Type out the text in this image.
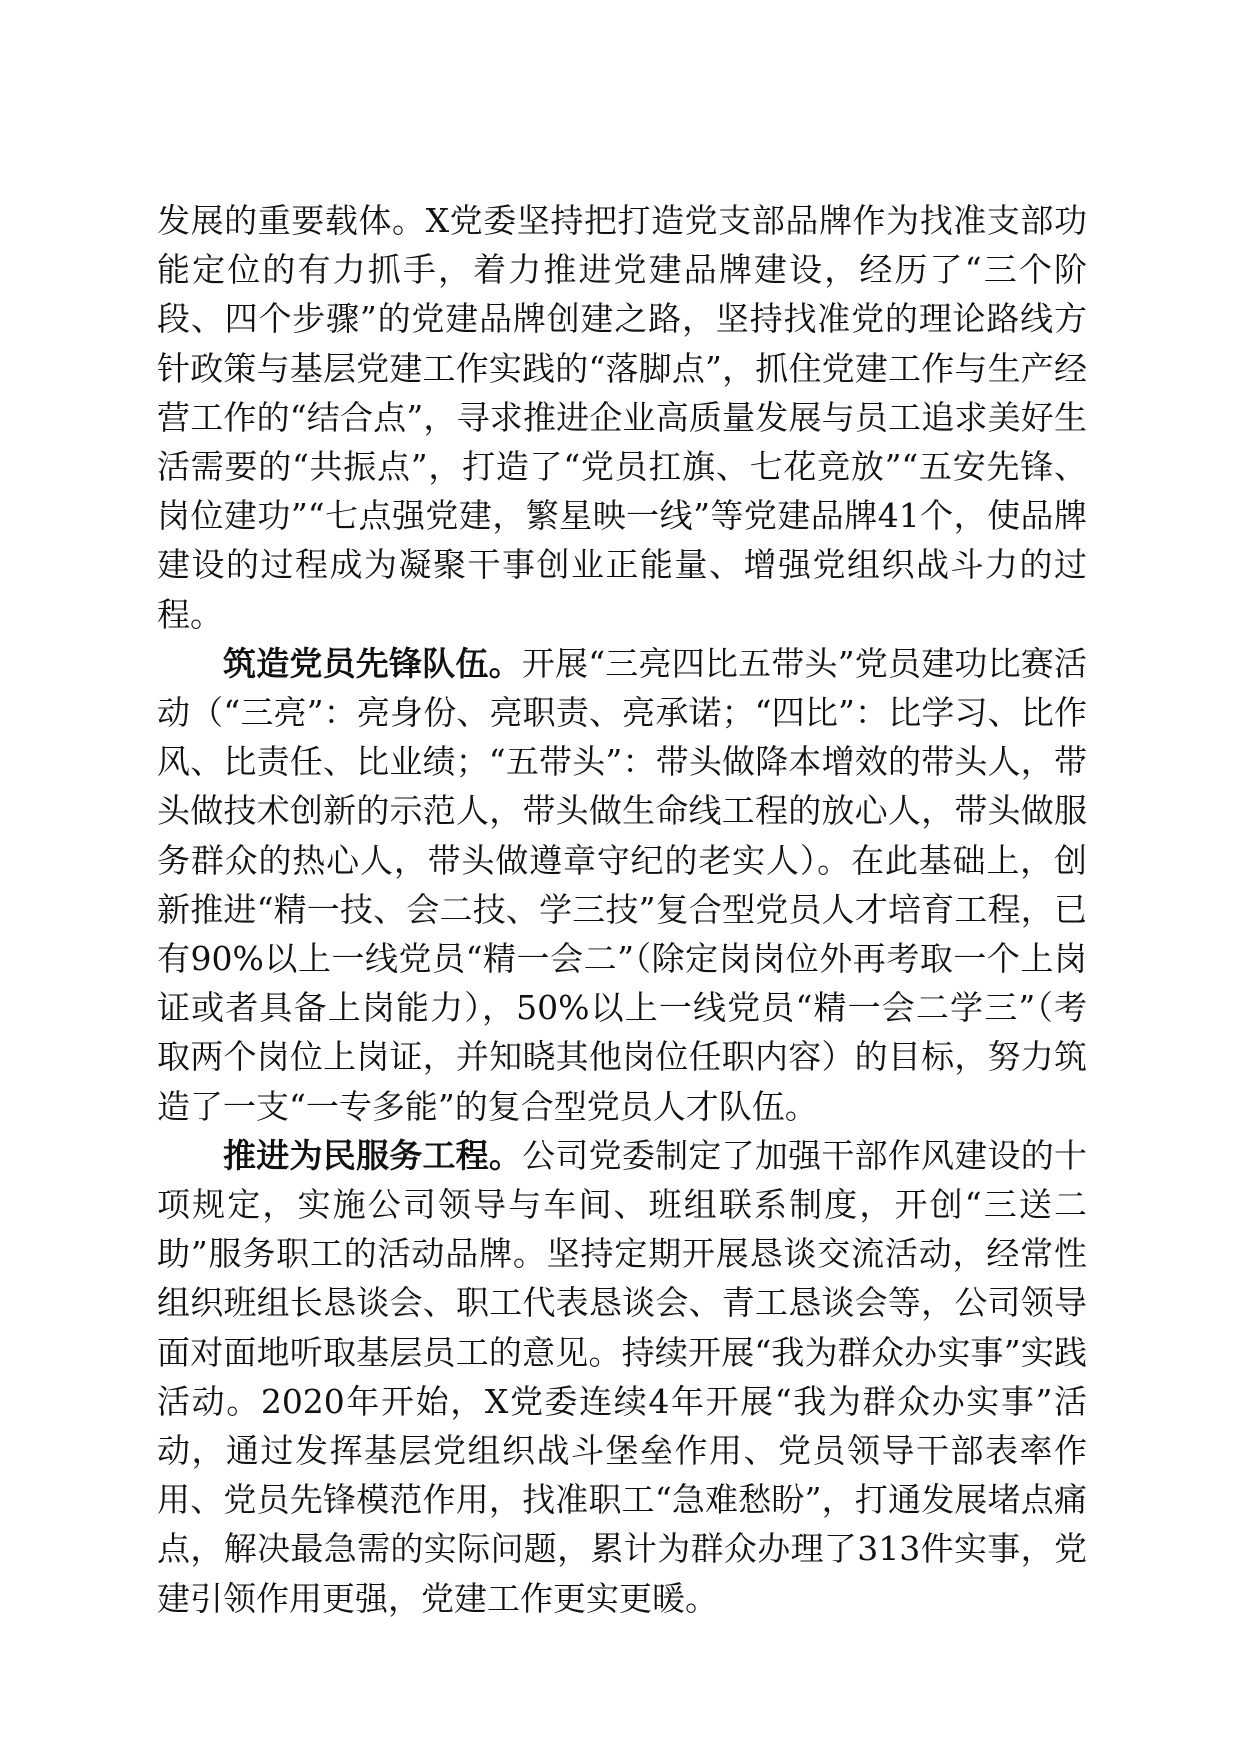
发展的重要载体。X党委坚持把打造党支部品牌作为找准支部功能定位的有力抓手，着力推进党建品牌建设，经历了“三个阶段、四个步骤”的党建品牌创建之路，坚持找准党的理论路线方针政策与基层党建工作实践的“落脚点”，抓住党建工作与生产经营工作的“结合点”，寻求推进企业高质量发展与员工追求美好生活需要的“共振点”，打造了“党员扛旗、七花竞放”“五安先锋、岗位建功”“七点强党建，繁星映一线”等党建品牌41个，使品牌建设的过程成为凝聚干事创业正能量、增强党组织战斗力的过程。

筑造党员先锋队伍。开展“三亮四比五带头”党员建功比赛活动（“三亮”：亮身份、亮职责、亮承诺；“四比”：比学习、比作风、比责任、比业绩；“五带头”：带头做降本增效的带头人，带头做技术创新的示范人，带头做生命线工程的放心人，带头做服务群众的热心人，带头做遵章守纪的老实人）。在此基础上，创新推进“精一技、会二技、学三技”复合型党员人才培育工程，已有90%以上一线党员“精一会二”（除定岗岗位外再考取一个上岗证或者具备上岗能力），50%以上一线党员“精一会二学三”（考取两个岗位上岗证，并知晓其他岗位任职内容）的目标，努力筑造了一支“一专多能”的复合型党员人才队伍。

推进为民服务工程。公司党委制定了加强干部作风建设的十项规定，实施公司领导与车间、班组联系制度，开创“三送二助”服务职工的活动品牌。坚持定期开展恳谈交流活动，经常性组织班组长恳谈会、职工代表恳谈会、青工恳谈会等，公司领导面对面地听取基层员工的意见。持续开展“我为群众办实事”实践活动。2020年开始，X党委连续4年开展“我为群众办实事”活动，通过发挥基层党组织战斗堡垒作用、党员领导干部表率作用、党员先锋模范作用，找准职工“急难愁盼”，打通发展堵点痛点，解决最急需的实际问题，累计为群众办理了313件实事，党建引领作用更强，党建工作更实更暖。
